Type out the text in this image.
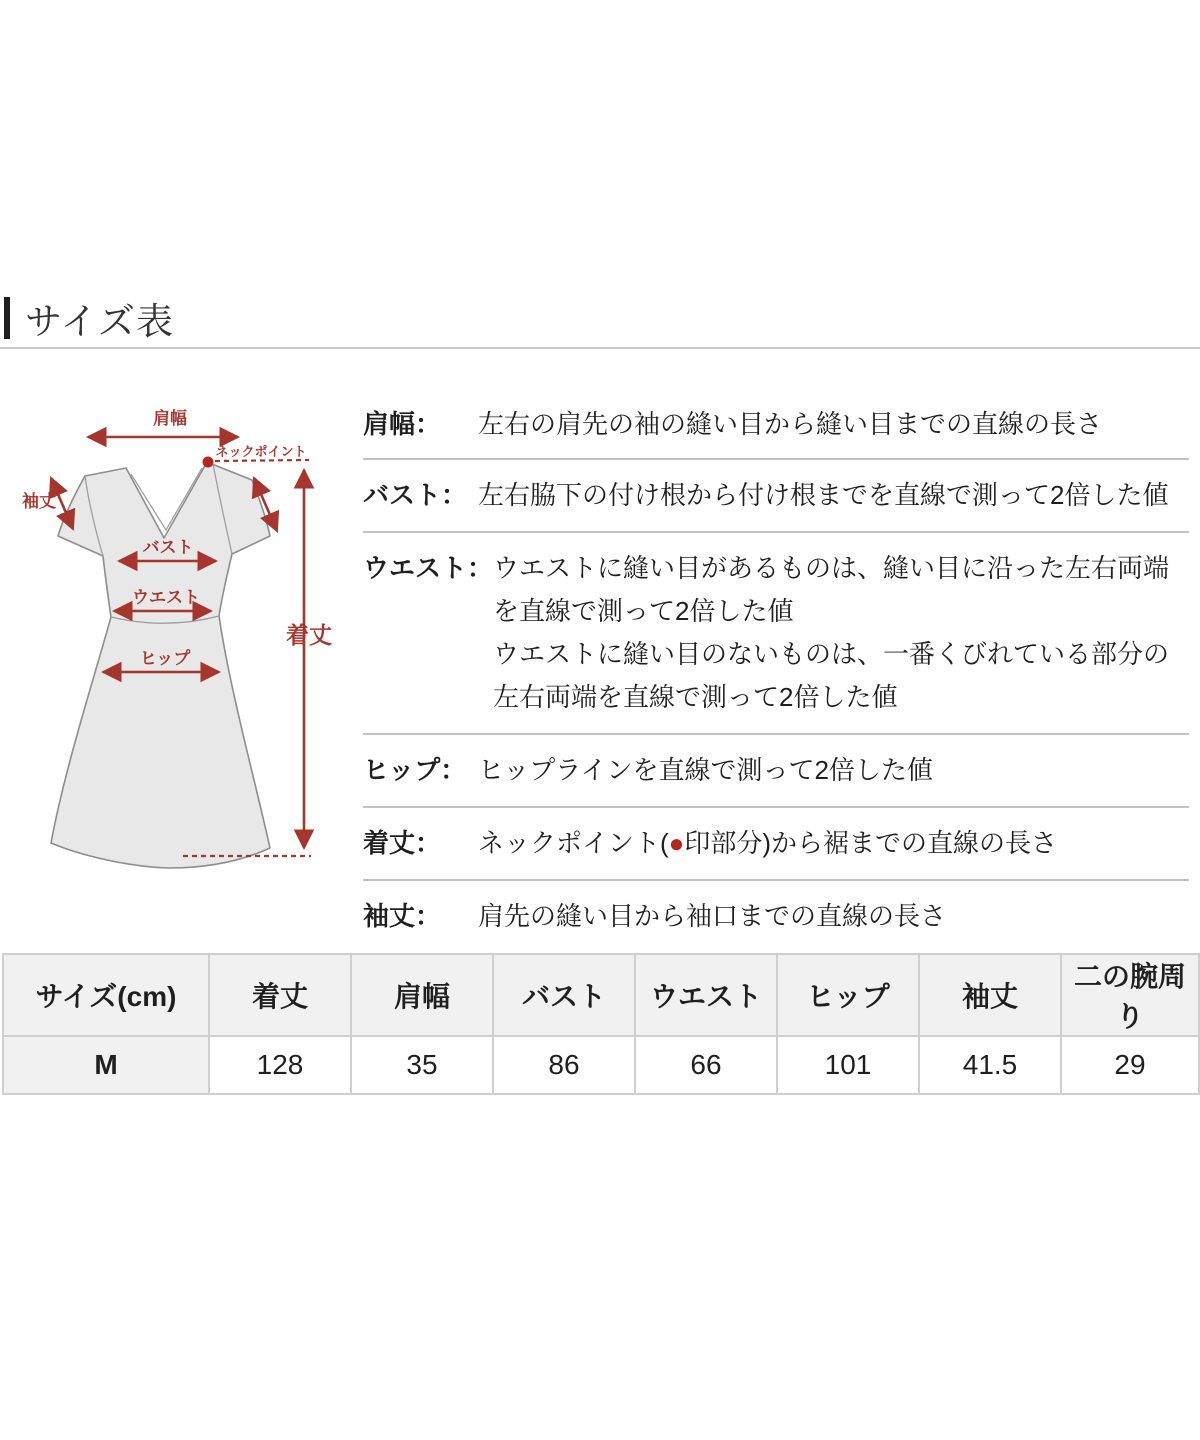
サイズ表
肩幅
ネックポイント
袖丈
バスト
ウエスト
ヒップ
着丈
肩幅：	左右の肩先の袖の縫い目から縫い目までの直線の長さ
バスト： 左右脇下の付け根から付け根までを直線で測って2倍した値
ウエスト： ウエストに縫い目があるものは、縫い目に沿った左右両端
を直線で測って2倍した値
ウエストに縫い目のないものは、一番くびれている部分の
左右両端を直線で測って2倍した値
ヒップ： ヒップラインを直線で測って2倍した値
着丈：	ネックポイント(●印部分)から裾までの直線の長さ
袖丈：	肩先の縫い目から袖口までの直線の長さ
サイズ(cm)	着丈	肩幅	バスト	ウエスト	ヒップ	袖丈	二の腕周り
M	128	35	86	66	101	41.5	29
